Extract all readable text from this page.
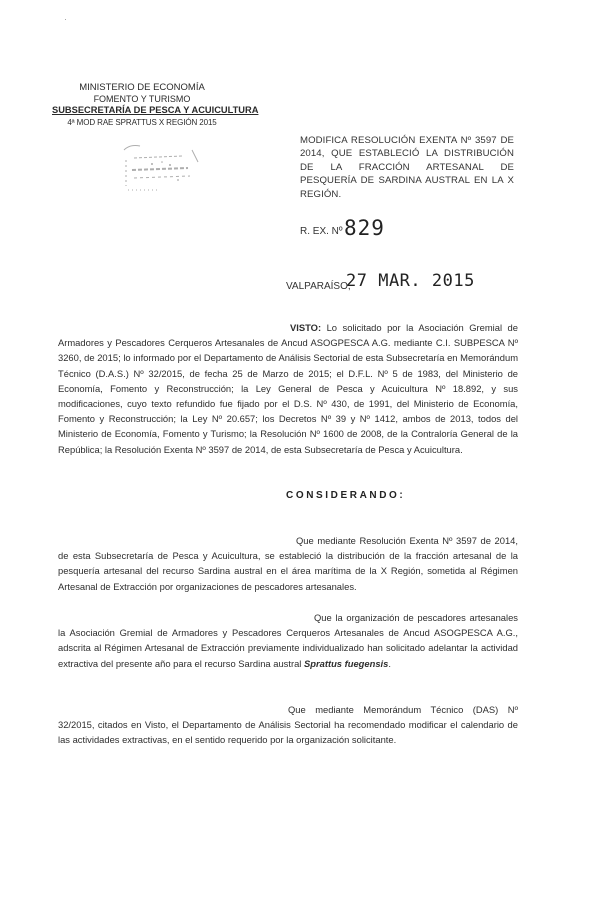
·
MINISTERIO DE ECONOMÍA
FOMENTO Y TURISMO
SUBSECRETARÍA DE PESCA Y ACUICULTURA
4ª MOD RAE SPRATTUS X REGIÓN 2015
MODIFICA RESOLUCIÓN EXENTA Nº 3597 DE 2014, QUE ESTABLECIÓ LA DISTRIBUCIÓN DE LA FRACCIÓN ARTESANAL DE PESQUERÍA DE SARDINA AUSTRAL EN LA X REGIÓN.
R. EX. Nº 829
VALPARAÍSO,
27 MAR. 2015
VISTO: Lo solicitado por la Asociación Gremial de Armadores y Pescadores Cerqueros Artesanales de Ancud ASOGPESCA A.G. mediante C.I. SUBPESCA Nº 3260, de 2015; lo informado por el Departamento de Análisis Sectorial de esta Subsecretaría en Memorándum Técnico (D.A.S.) Nº 32/2015, de fecha 25 de Marzo de 2015; el D.F.L. Nº 5 de 1983, del Ministerio de Economía, Fomento y Reconstrucción; la Ley General de Pesca y Acuicultura Nº 18.892, y sus modificaciones, cuyo texto refundido fue fijado por el D.S. Nº 430, de 1991, del Ministerio de Economía, Fomento y Reconstrucción; la Ley Nº 20.657; los Decretos Nº 39 y Nº 1412, ambos de 2013, todos del Ministerio de Economía, Fomento y Turismo; la Resolución Nº 1600 de 2008, de la Contraloría General de la República; la Resolución Exenta Nº 3597 de 2014, de esta Subsecretaría de Pesca y Acuicultura.
CONSIDERANDO:
Que mediante Resolución Exenta Nº 3597 de 2014, de esta Subsecretaría de Pesca y Acuicultura, se estableció la distribución de la fracción artesanal de la pesquería artesanal del recurso Sardina austral en el área marítima de la X Región, sometida al Régimen Artesanal de Extracción por organizaciones de pescadores artesanales.
Que la organización de pescadores artesanales la Asociación Gremial de Armadores y Pescadores Cerqueros Artesanales de Ancud ASOGPESCA A.G., adscrita al Régimen Artesanal de Extracción previamente individualizado han solicitado adelantar la actividad extractiva del presente año para el recurso Sardina austral Sprattus fuegensis.
Que mediante Memorándum Técnico (DAS) Nº 32/2015, citados en Visto, el Departamento de Análisis Sectorial ha recomendado modificar el calendario de las actividades extractivas, en el sentido requerido por la organización solicitante.
